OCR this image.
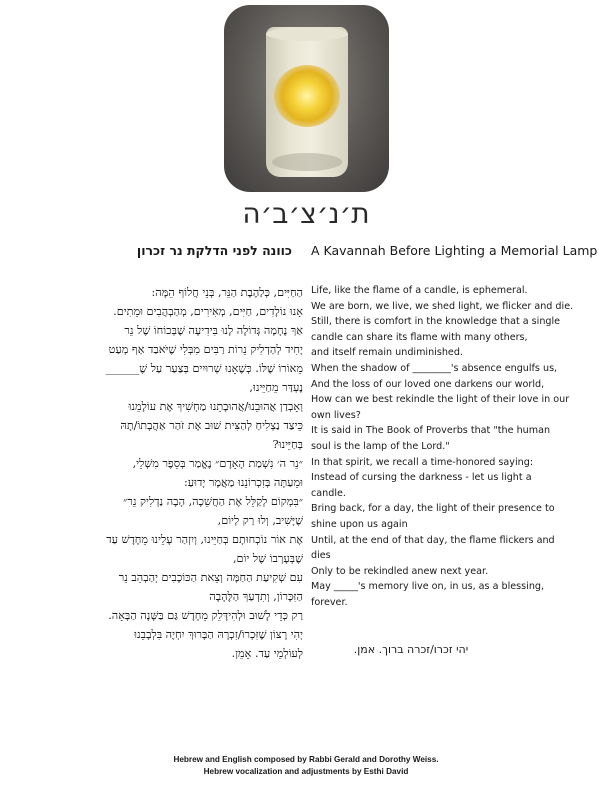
ת׳נ׳צ׳ב׳ה
כוונה לפני הדלקת נר זכרון A Kavannah Before Lighting a Memorial Lamp
הַחַיִּים, כְּלַהֶבֶת הַנֵּר, בְּנֵי חֲלוֹף הֵמָּה:
אָנוּ נוֹלָדִים, חַיִּים, מְאִירִים, מְהַבְהֲבִים וּמֵתִים.
אַךְ נֶחָמָה גְּדוֹלָה לָנוּ בִּידִיעָה שֶׁבְּכוֹחוֹ שֶׁל נֵר
יָחִיד לְהַדְלִיק נֵרוֹת רַבִּים מִבְּלִי שֶׁיֹּאבַד אַף מְעַט
מֵאוֹרוֹ שֶׁלּוֹ. כְּשֶׁאָנוּ שְׁרוּיִים בְּצַעַר עַל שֶׁ______
נֶעְדַּר מֵחַיֵּינוּ,
וְאָבְדַן אֲהוּבֵנוּ/אֲהוּבָתֵנוּ מַחְשִׁיךְ אֶת עוֹלָמֵנוּ
כֵּיצַד נַצְלִיחַ לְהַצִּית שׁוּב אֶת זֹהַר אַהֲבָתוֹ/תָהּ
בְּחַיֵּינוּ?
״נֵר ה׳ נִשְׁמַת הָאָדָם״ נֶאֱמַר בְּסֵפֶר מִשְׁלֵי,
וּמֵעַתָּה בְּזִכְרוֹנֵנוּ מַאֲמָר יָדוּעַ:
״בִּמְקוֹם לְקַלֵּל אֶת הַחֲשֵׁכָה, הָבָה נַדְלִיק נֵר״
שֶׁיָּשִׁיב, וְלוּ רַק לְיוֹם,
אֶת אוֹר נוֹכְחוּתָם בְּחַיֵּינוּ, וְיִזְהַר עָלֵינוּ מֵחָדָשׁ עַד
שֶׁבְּעָרְבוֹ שֶׁל יוֹם,
עִם שְׁקִיעַת הַחַמָּה וְצֵאת הַכּוֹכָבִים יְהַבְהֵב נֵר
הַזִּכָּרוֹן, וְתִדְעַךְ הַלֶּהָבָה
רַק כְּדֵי לָשׁוּב וּלְהִידָּלֵק מֵחָדָשׁ גַּם בַּשָּׁנָה הַבָּאָה.
יְהִי רָצוֹן שֶׁזִּכְרוֹ/זִכְרָהּ הַבָּרוּךְ יִחְיֶה בִּלְבָבֵנוּ
לְעוֹלְמֵי עַד. אָמֵן.
Life, like the flame of a candle, is ephemeral.
We are born, we live, we shed light, we flicker and die.
Still, there is comfort in the knowledge that a single
candle can share its flame with many others,
and itself remain undiminished.
When the shadow of ________'s absence engulfs us,
And the loss of our loved one darkens our world,
How can we best rekindle the light of their love in our
own lives?
It is said in The Book of Proverbs that "the human
soul is the lamp of the Lord."
In that spirit, we recall a time-honored saying:
Instead of cursing the darkness - let us light a
candle.
Bring back, for a day, the light of their presence to
shine upon us again
Until, at the end of that day, the flame flickers and
dies
Only to be rekindled anew next year.
May _____'s memory live on, in us, as a blessing,
forever.
יהי זכרו/זכרה ברוך. אמן.
Hebrew and English composed by Rabbi Gerald and Dorothy Weiss.
Hebrew vocalization and adjustments by Esthi David
